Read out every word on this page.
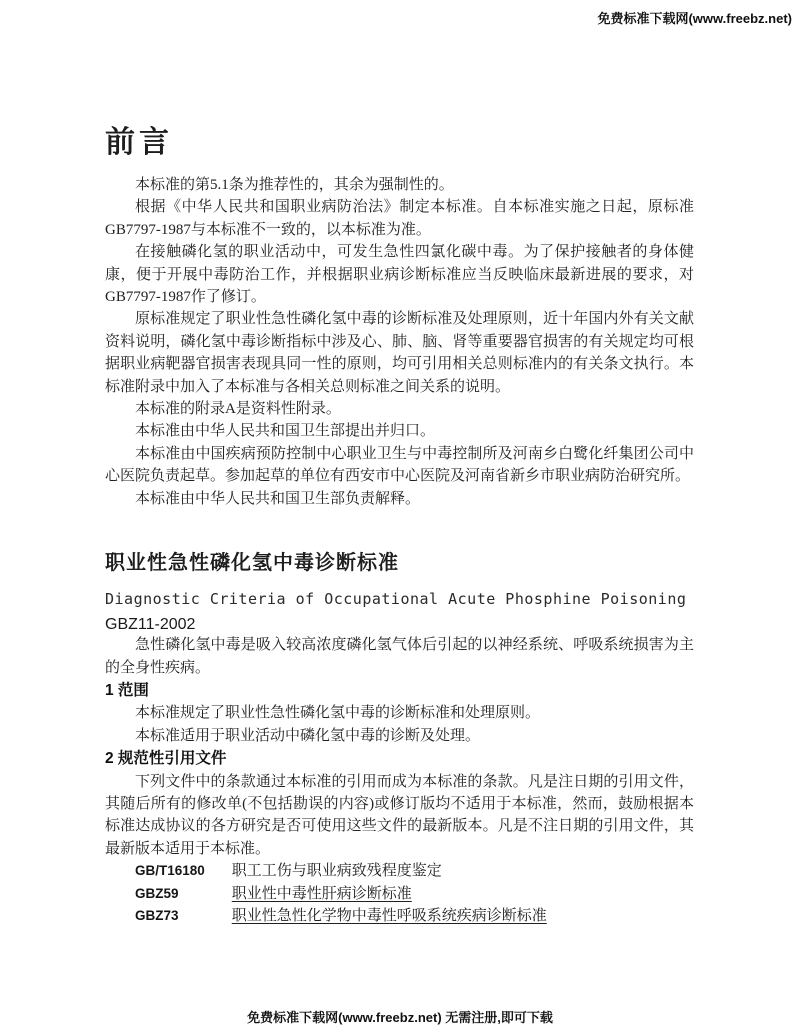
免费标准下载网(www.freebz.net)
前言

本标准的第5.1条为推荐性的，其余为强制性的。

根据《中华人民共和国职业病防治法》制定本标准。自本标准实施之日起，原标准GB7797-1987与本标准不一致的，以本标准为准。

在接触磷化氢的职业活动中，可发生急性四氯化碳中毒。为了保护接触者的身体健康，便于开展中毒防治工作，并根据职业病诊断标准应当反映临床最新进展的要求，对GB7797-1987作了修订。

原标准规定了职业性急性磷化氢中毒的诊断标准及处理原则，近十年国内外有关文献资料说明，磷化氢中毒诊断指标中涉及心、肺、脑、肾等重要器官损害的有关规定均可根据职业病靶器官损害表现具同一性的原则，均可引用相关总则标准内的有关条文执行。本标准附录中加入了本标准与各相关总则标准之间关系的说明。

本标准的附录A是资料性附录。

本标准由中华人民共和国卫生部提出并归口。

本标准由中国疾病预防控制中心职业卫生与中毒控制所及河南乡白鹭化纤集团公司中心医院负责起草。参加起草的单位有西安市中心医院及河南省新乡市职业病防治研究所。

本标准由中华人民共和国卫生部负责解释。

职业性急性磷化氢中毒诊断标准
Diagnostic Criteria of Occupational Acute Phosphine Poisoning
GBZ11-2002

急性磷化氢中毒是吸入较高浓度磷化氢气体后引起的以神经系统、呼吸系统损害为主的全身性疾病。

1 范围

本标准规定了职业性急性磷化氢中毒的诊断标准和处理原则。

本标准适用于职业活动中磷化氢中毒的诊断及处理。

2 规范性引用文件

下列文件中的条款通过本标准的引用而成为本标准的条款。凡是注日期的引用文件，其随后所有的修改单(不包括勘误的内容)或修订版均不适用于本标准，然而，鼓励根据本标准达成协议的各方研究是否可使用这些文件的最新版本。凡是不注日期的引用文件，其最新版本适用于本标准。

GB/T16180 职工工伤与职业病致残程度鉴定
GBZ59	职业性中毒性肝病诊断标准
GBZ73	职业性急性化学物中毒性呼吸系统疾病诊断标准
免费标准下载网(www.freebz.net) 无需注册,即可下载
